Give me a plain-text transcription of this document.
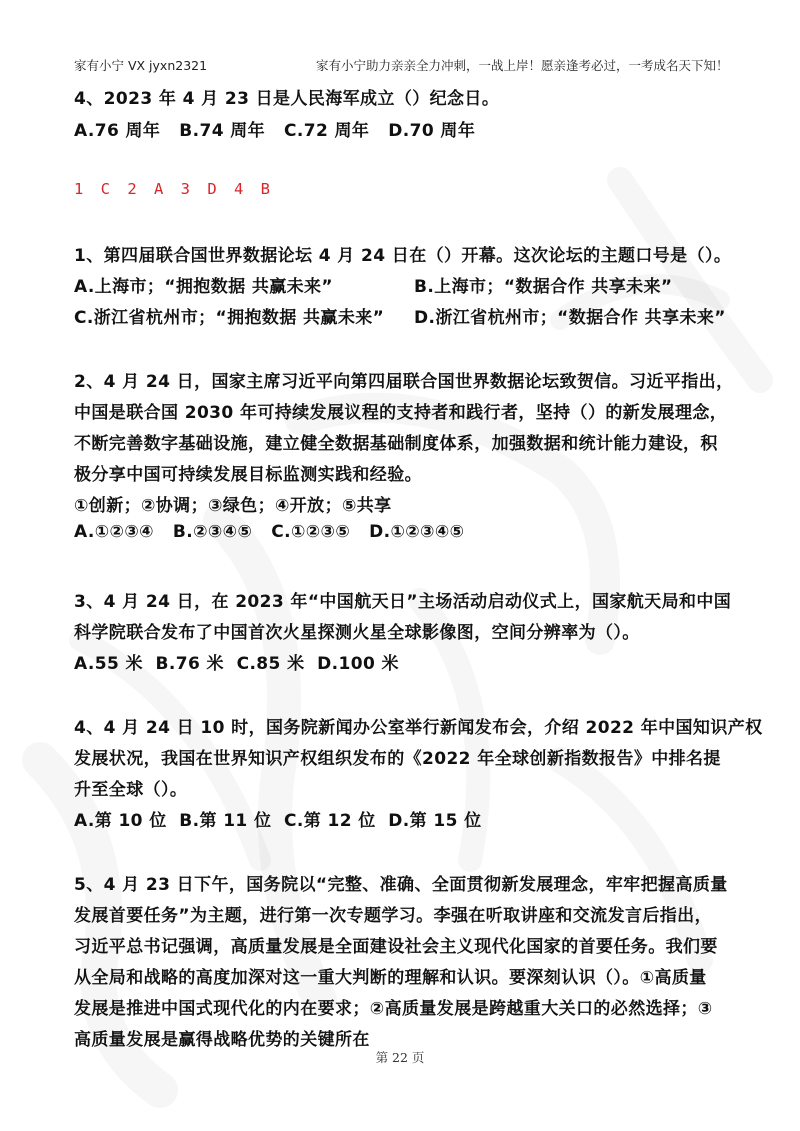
家有小宁 VX jyxn2321	家有小宁助力亲亲全力冲刺，一战上岸！愿亲逢考必过，一考成名天下知！
4、2023 年 4 月 23 日是人民海军成立（）纪念日。
A.76 周年   B.74 周年   C.72 周年   D.70 周年
1 C 2 A 3 D 4 B
1、第四届联合国世界数据论坛 4 月 24 日在（）开幕。这次论坛的主题口号是（）。
A.上海市；“拥抱数据 共赢未来”	B.上海市；“数据合作 共享未来”
C.浙江省杭州市；“拥抱数据 共赢未来” D.浙江省杭州市；“数据合作 共享未来”
2、4 月 24 日，国家主席习近平向第四届联合国世界数据论坛致贺信。习近平指出，
中国是联合国 2030 年可持续发展议程的支持者和践行者，坚持（）的新发展理念，
不断完善数字基础设施，建立健全数据基础制度体系，加强数据和统计能力建设，积
极分享中国可持续发展目标监测实践和经验。
①创新；②协调；③绿色；④开放；⑤共享
A.①②③④   B.②③④⑤   C.①②③⑤   D.①②③④⑤
3、4 月 24 日，在 2023 年“中国航天日”主场活动启动仪式上，国家航天局和中国
科学院联合发布了中国首次火星探测火星全球影像图，空间分辨率为（）。
A.55 米  B.76 米  C.85 米  D.100 米
4、4 月 24 日 10 时，国务院新闻办公室举行新闻发布会，介绍 2022 年中国知识产权
发展状况，我国在世界知识产权组织发布的《2022 年全球创新指数报告》中排名提
升至全球（）。
A.第 10 位  B.第 11 位  C.第 12 位  D.第 15 位
5、4 月 23 日下午，国务院以“完整、准确、全面贯彻新发展理念，牢牢把握高质量
发展首要任务”为主题，进行第一次专题学习。李强在听取讲座和交流发言后指出，
习近平总书记强调，高质量发展是全面建设社会主义现代化国家的首要任务。我们要
从全局和战略的高度加深对这一重大判断的理解和认识。要深刻认识（）。①高质量
发展是推进中国式现代化的内在要求；②高质量发展是跨越重大关口的必然选择；③
高质量发展是赢得战略优势的关键所在
第 22 页
